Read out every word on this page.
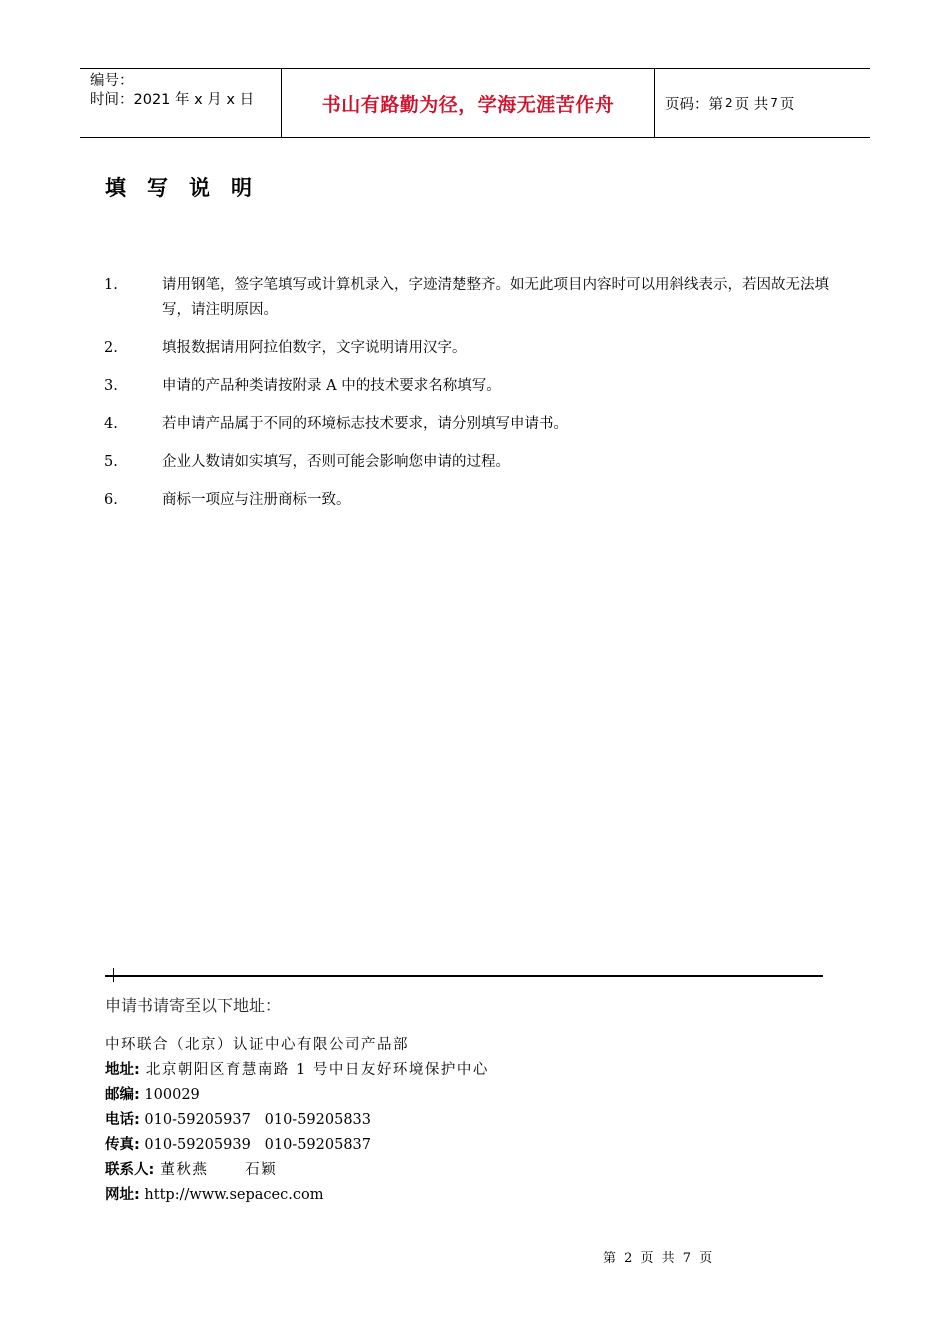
编号：
时间：2021 年 x 月 x 日	书山有路勤为径，学海无涯苦作舟	页码：第 2 页 共 7 页
填写说明
1.	请用钢笔，签字笔填写或计算机录入，字迹清楚整齐。如无此项目内容时可以用斜线表示，若因故无法填写，请注明原因。
2.	填报数据请用阿拉伯数字，文字说明请用汉字。
3.	申请的产品种类请按附录 A 中的技术要求名称填写。
4.	若申请产品属于不同的环境标志技术要求，请分别填写申请书。
5.	企业人数请如实填写，否则可能会影响您申请的过程。
6.	商标一项应与注册商标一致。
申请书请寄至以下地址：
中环联合（北京）认证中心有限公司产品部
地址: 北京朝阳区育慧南路 1 号中日友好环境保护中心
邮编: 100029
电话: 010-59205937   010-59205833
传真: 010-59205939   010-59205837
联系人: 董秋燕      石颖
网址: http://www.sepacec.com
第 2 页 共 7 页
